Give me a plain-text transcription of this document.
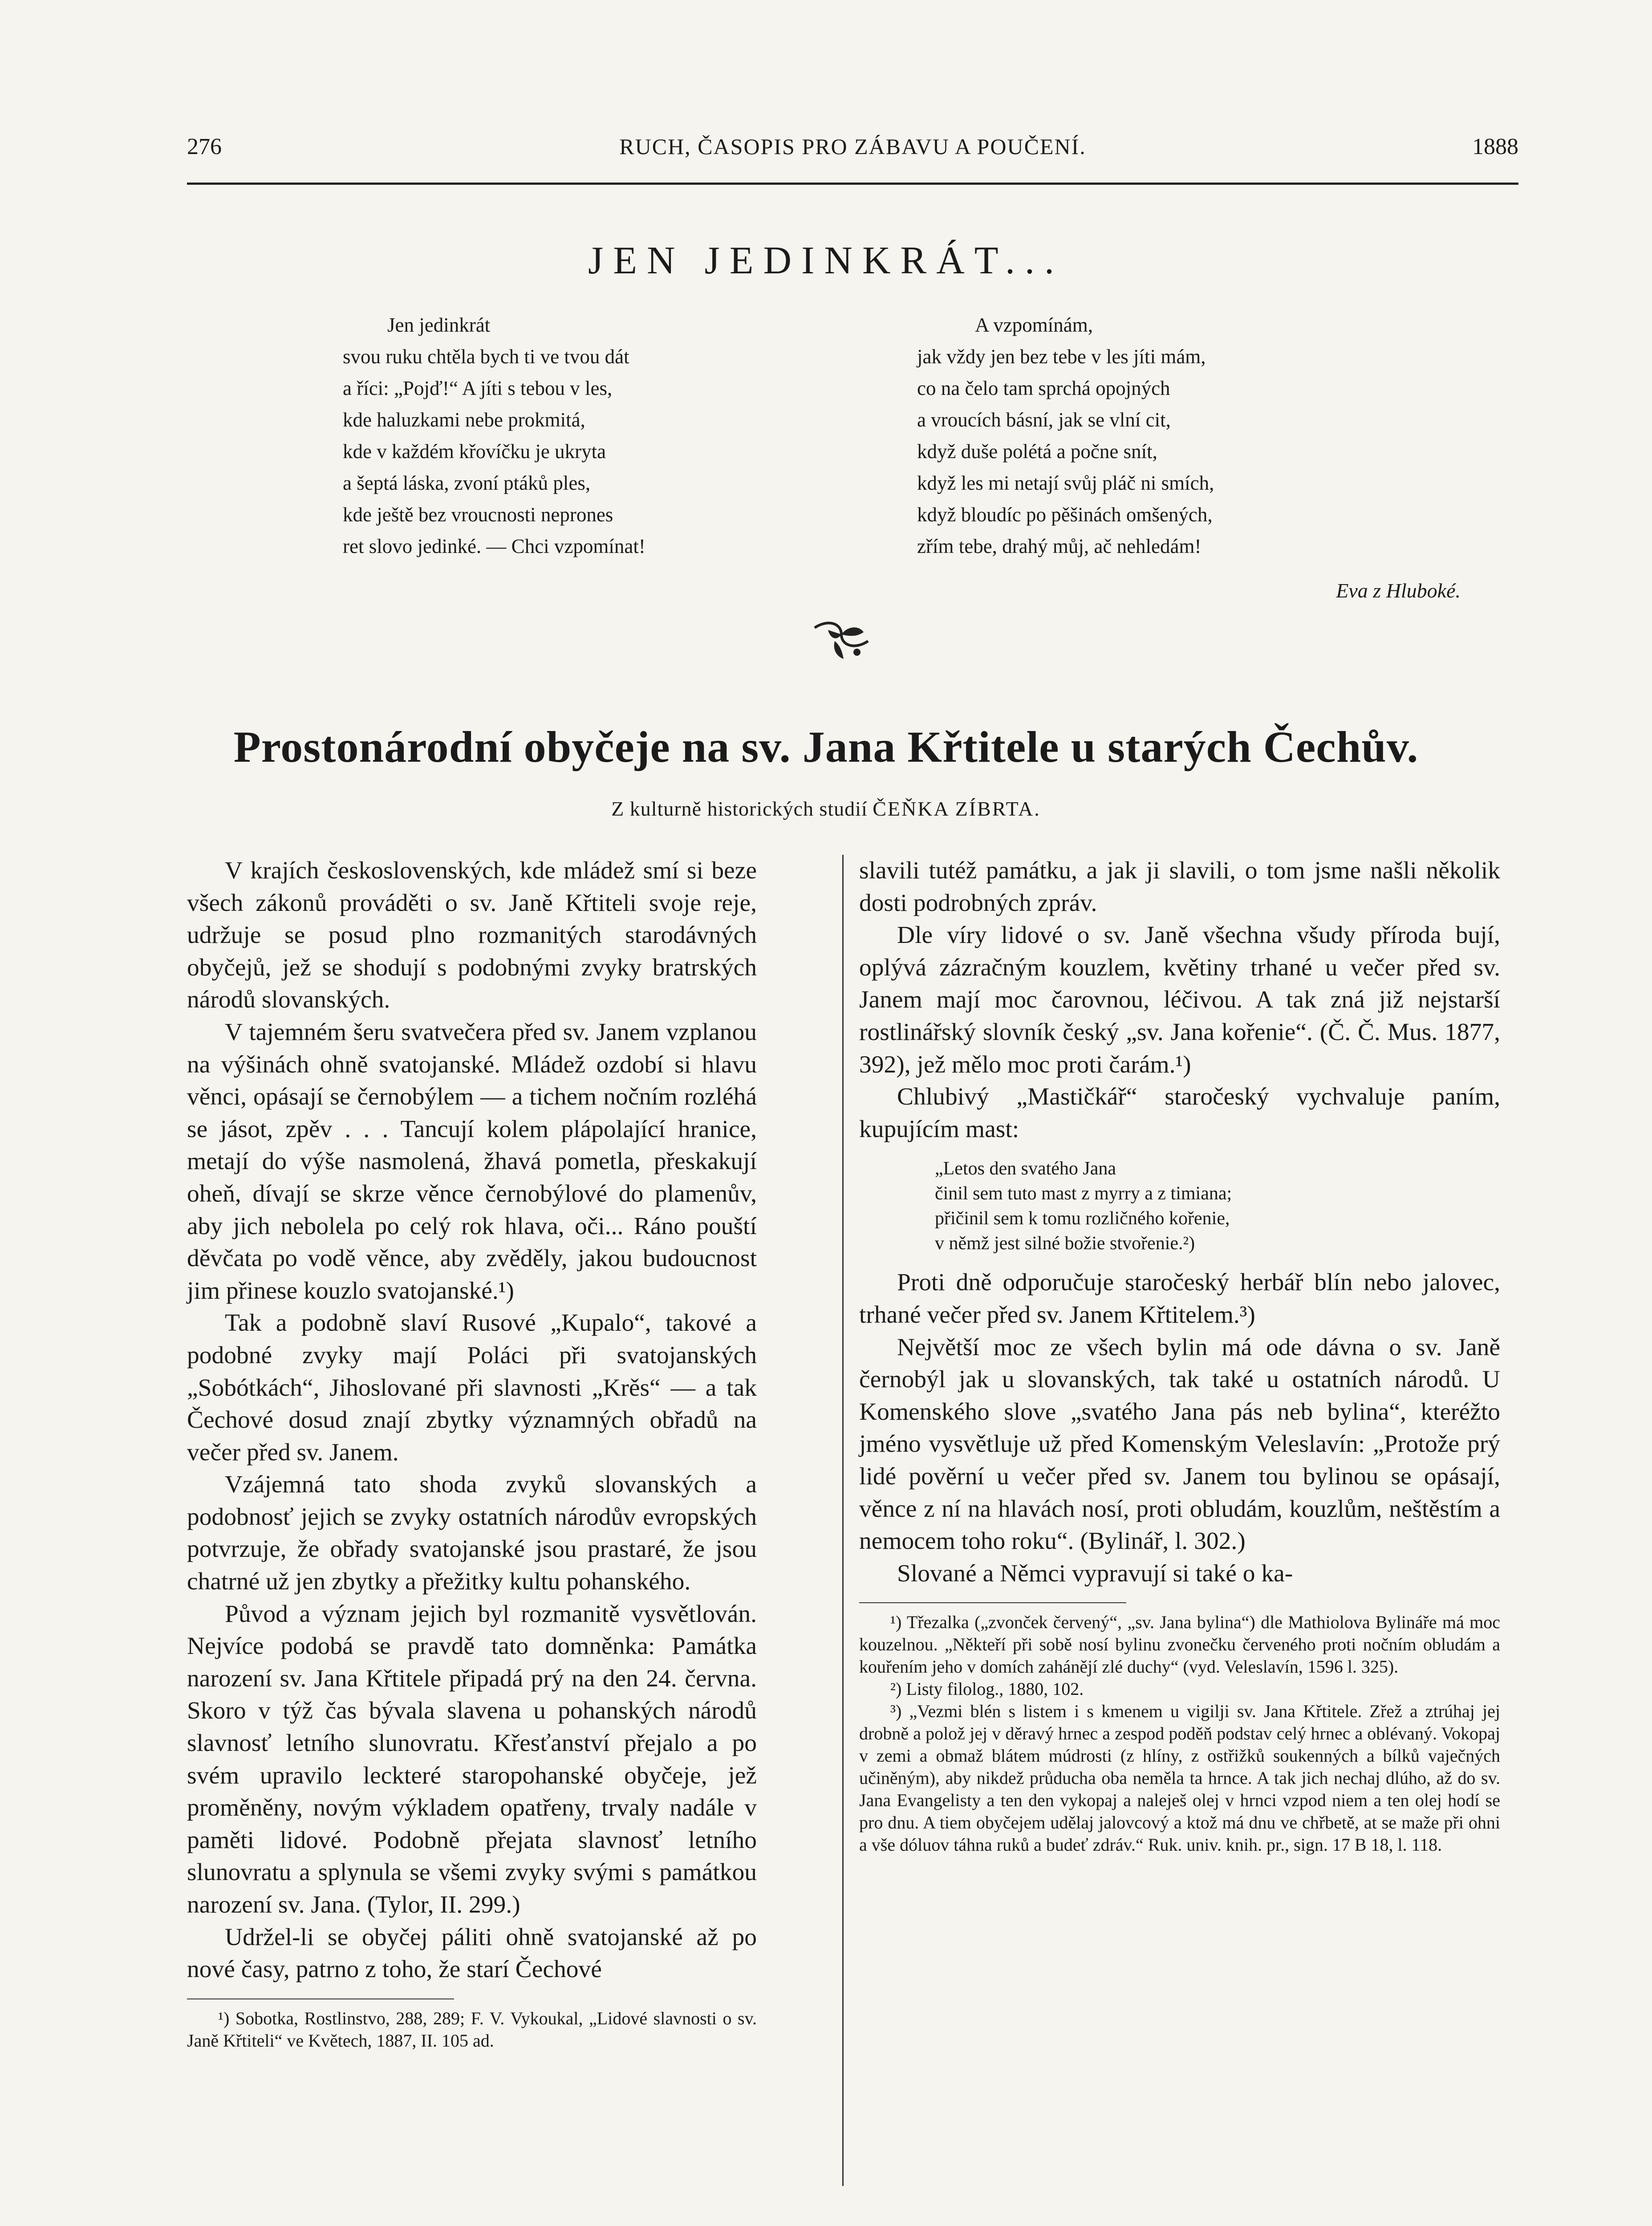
276	RUCH, ČASOPIS PRO ZÁBAVU A POUČENÍ.	1888
JEN JEDINKRÁT...
Jen jedinkrát
svou ruku chtěla bych ti ve tvou dát
a říci: „Pojď!“ A jíti s tebou v les,
kde haluzkami nebe prokmitá,
kde v každém křovíčku je ukryta
a šeptá láska, zvoní ptáků ples,
kde ještě bez vroucnosti neprones
ret slovo jedinké. — Chci vzpomínat!
A vzpomínám,
jak vždy jen bez tebe v les jíti mám,
co na čelo tam sprchá opojných
a vroucích básní, jak se vlní cit,
když duše polétá a počne snít,
když les mi netají svůj pláč ni smích,
když bloudíc po pěšinách omšených,
zřím tebe, drahý můj, ač nehledám!
Eva z Hluboké.
Prostonárodní obyčeje na sv. Jana Křtitele u starých Čechův.
Z kulturně historických studií ČEŇKA ZÍBRTA.

V krajích československých, kde mládež smí si beze všech zákonů prováděti o sv. Janě Křtiteli svoje reje, udržuje se posud plno rozmanitých starodávných obyčejů, jež se shodují s podobnými zvyky bratrských národů slovanských.

V tajemném šeru svatvečera před sv. Janem vzplanou na výšinách ohně svatojanské. Mládež ozdobí si hlavu věnci, opásají se černobýlem — a tichem nočním rozléhá se jásot, zpěv . . . Tancují kolem plápolající hranice, metají do výše nasmolená, žhavá pometla, přeskakují oheň, dívají se skrze věnce černobýlové do plamenův, aby jich nebolela po celý rok hlava, oči... Ráno pouští děvčata po vodě věnce, aby zvěděly, jakou budoucnost jim přinese kouzlo svatojanské.¹)

Tak a podobně slaví Rusové „Kupalo“, takové a podobné zvyky mají Poláci při svatojanských „Sobótkách“, Jihoslované při slavnosti „Krěs“ — a tak Čechové dosud znají zbytky významných obřadů na večer před sv. Janem.

Vzájemná tato shoda zvyků slovanských a podobnosť jejich se zvyky ostatních národův evropských potvrzuje, že obřady svatojanské jsou prastaré, že jsou chatrné už jen zbytky a přežitky kultu pohanského.

Původ a význam jejich byl rozmanitě vysvětlován. Nejvíce podobá se pravdě tato domněnka: Památka narození sv. Jana Křtitele připadá prý na den 24. června. Skoro v týž čas bývala slavena u pohanských národů slavnosť letního slunovratu. Křesťanství přejalo a po svém upravilo leckteré staropohanské obyčeje, jež proměněny, novým výkladem opatřeny, trvaly nadále v paměti lidové. Podobně přejata slavnosť letního slunovratu a splynula se všemi zvyky svými s památkou narození sv. Jana. (Tylor, II. 299.)

Udržel-li se obyčej páliti ohně svatojanské až po nové časy, patrno z toho, že starí Čechové

¹) Sobotka, Rostlinstvo, 288, 289; F. V. Vykoukal, „Lidové slavnosti o sv. Janě Křtiteli“ ve Květech, 1887, II. 105 ad.

slavili tutéž památku, a jak ji slavili, o tom jsme našli několik dosti podrobných zpráv.

Dle víry lidové o sv. Janě všechna všudy příroda bují, oplývá zázračným kouzlem, květiny trhané u večer před sv. Janem mají moc čarovnou, léčivou. A tak zná již nejstarší rostlinářský slovník český „sv. Jana kořenie“. (Č. Č. Mus. 1877, 392), jež mělo moc proti čarám.¹)

Chlubivý „Mastičkář“ staročeský vychvaluje paním, kupujícím mast:

„Letos den svatého Jana
činil sem tuto mast z myrry a z timiana;
přičinil sem k tomu rozličného kořenie,
v němž jest silné božie stvořenie.²)

Proti dně odporučuje staročeský herbář blín nebo jalovec, trhané večer před sv. Janem Křtitelem.³)

Největší moc ze všech bylin má ode dávna o sv. Janě černobýl jak u slovanských, tak také u ostatních národů. U Komenského slove „svatého Jana pás neb bylina“, kteréžto jméno vysvětluje už před Komenským Veleslavín: „Protože prý lidé pověrní u večer před sv. Janem tou bylinou se opásají, věnce z ní na hlavách nosí, proti obludám, kouzlům, neštěstím a nemocem toho roku“. (Bylinář, l. 302.)

Slované a Němci vypravují si také o ka-

¹) Třezalka („zvonček červený“, „sv. Jana bylina“) dle Mathiolova Bylináře má moc kouzelnou. „Někteří při sobě nosí bylinu zvonečku červeného proti nočním obludám a kouřením jeho v domích zahánějí zlé duchy“ (vyd. Veleslavín, 1596 l. 325).

²) Listy filolog., 1880, 102.

³) „Vezmi blén s listem i s kmenem u vigilji sv. Jana Křtitele. Zřež a ztrúhaj jej drobně a polož jej v děravý hrnec a zespod poděň podstav celý hrnec a oblévaný. Vokopaj v zemi a obmaž blátem múdrosti (z hlíny, z ostřižků soukenných a bílků vaječných učiněným), aby nikdež průducha oba neměla ta hrnce. A tak jich nechaj dlúho, až do sv. Jana Evangelisty a ten den vykopaj a naleješ olej v hrnci vzpod niem a ten olej hodí se pro dnu. A tiem obyčejem udělaj jalovcový a ktož má dnu ve chřbetě, at se maže při ohni a vše dóluov táhna ruků a budeť zdráv.“ Ruk. univ. knih. pr., sign. 17 B 18, l. 118.
